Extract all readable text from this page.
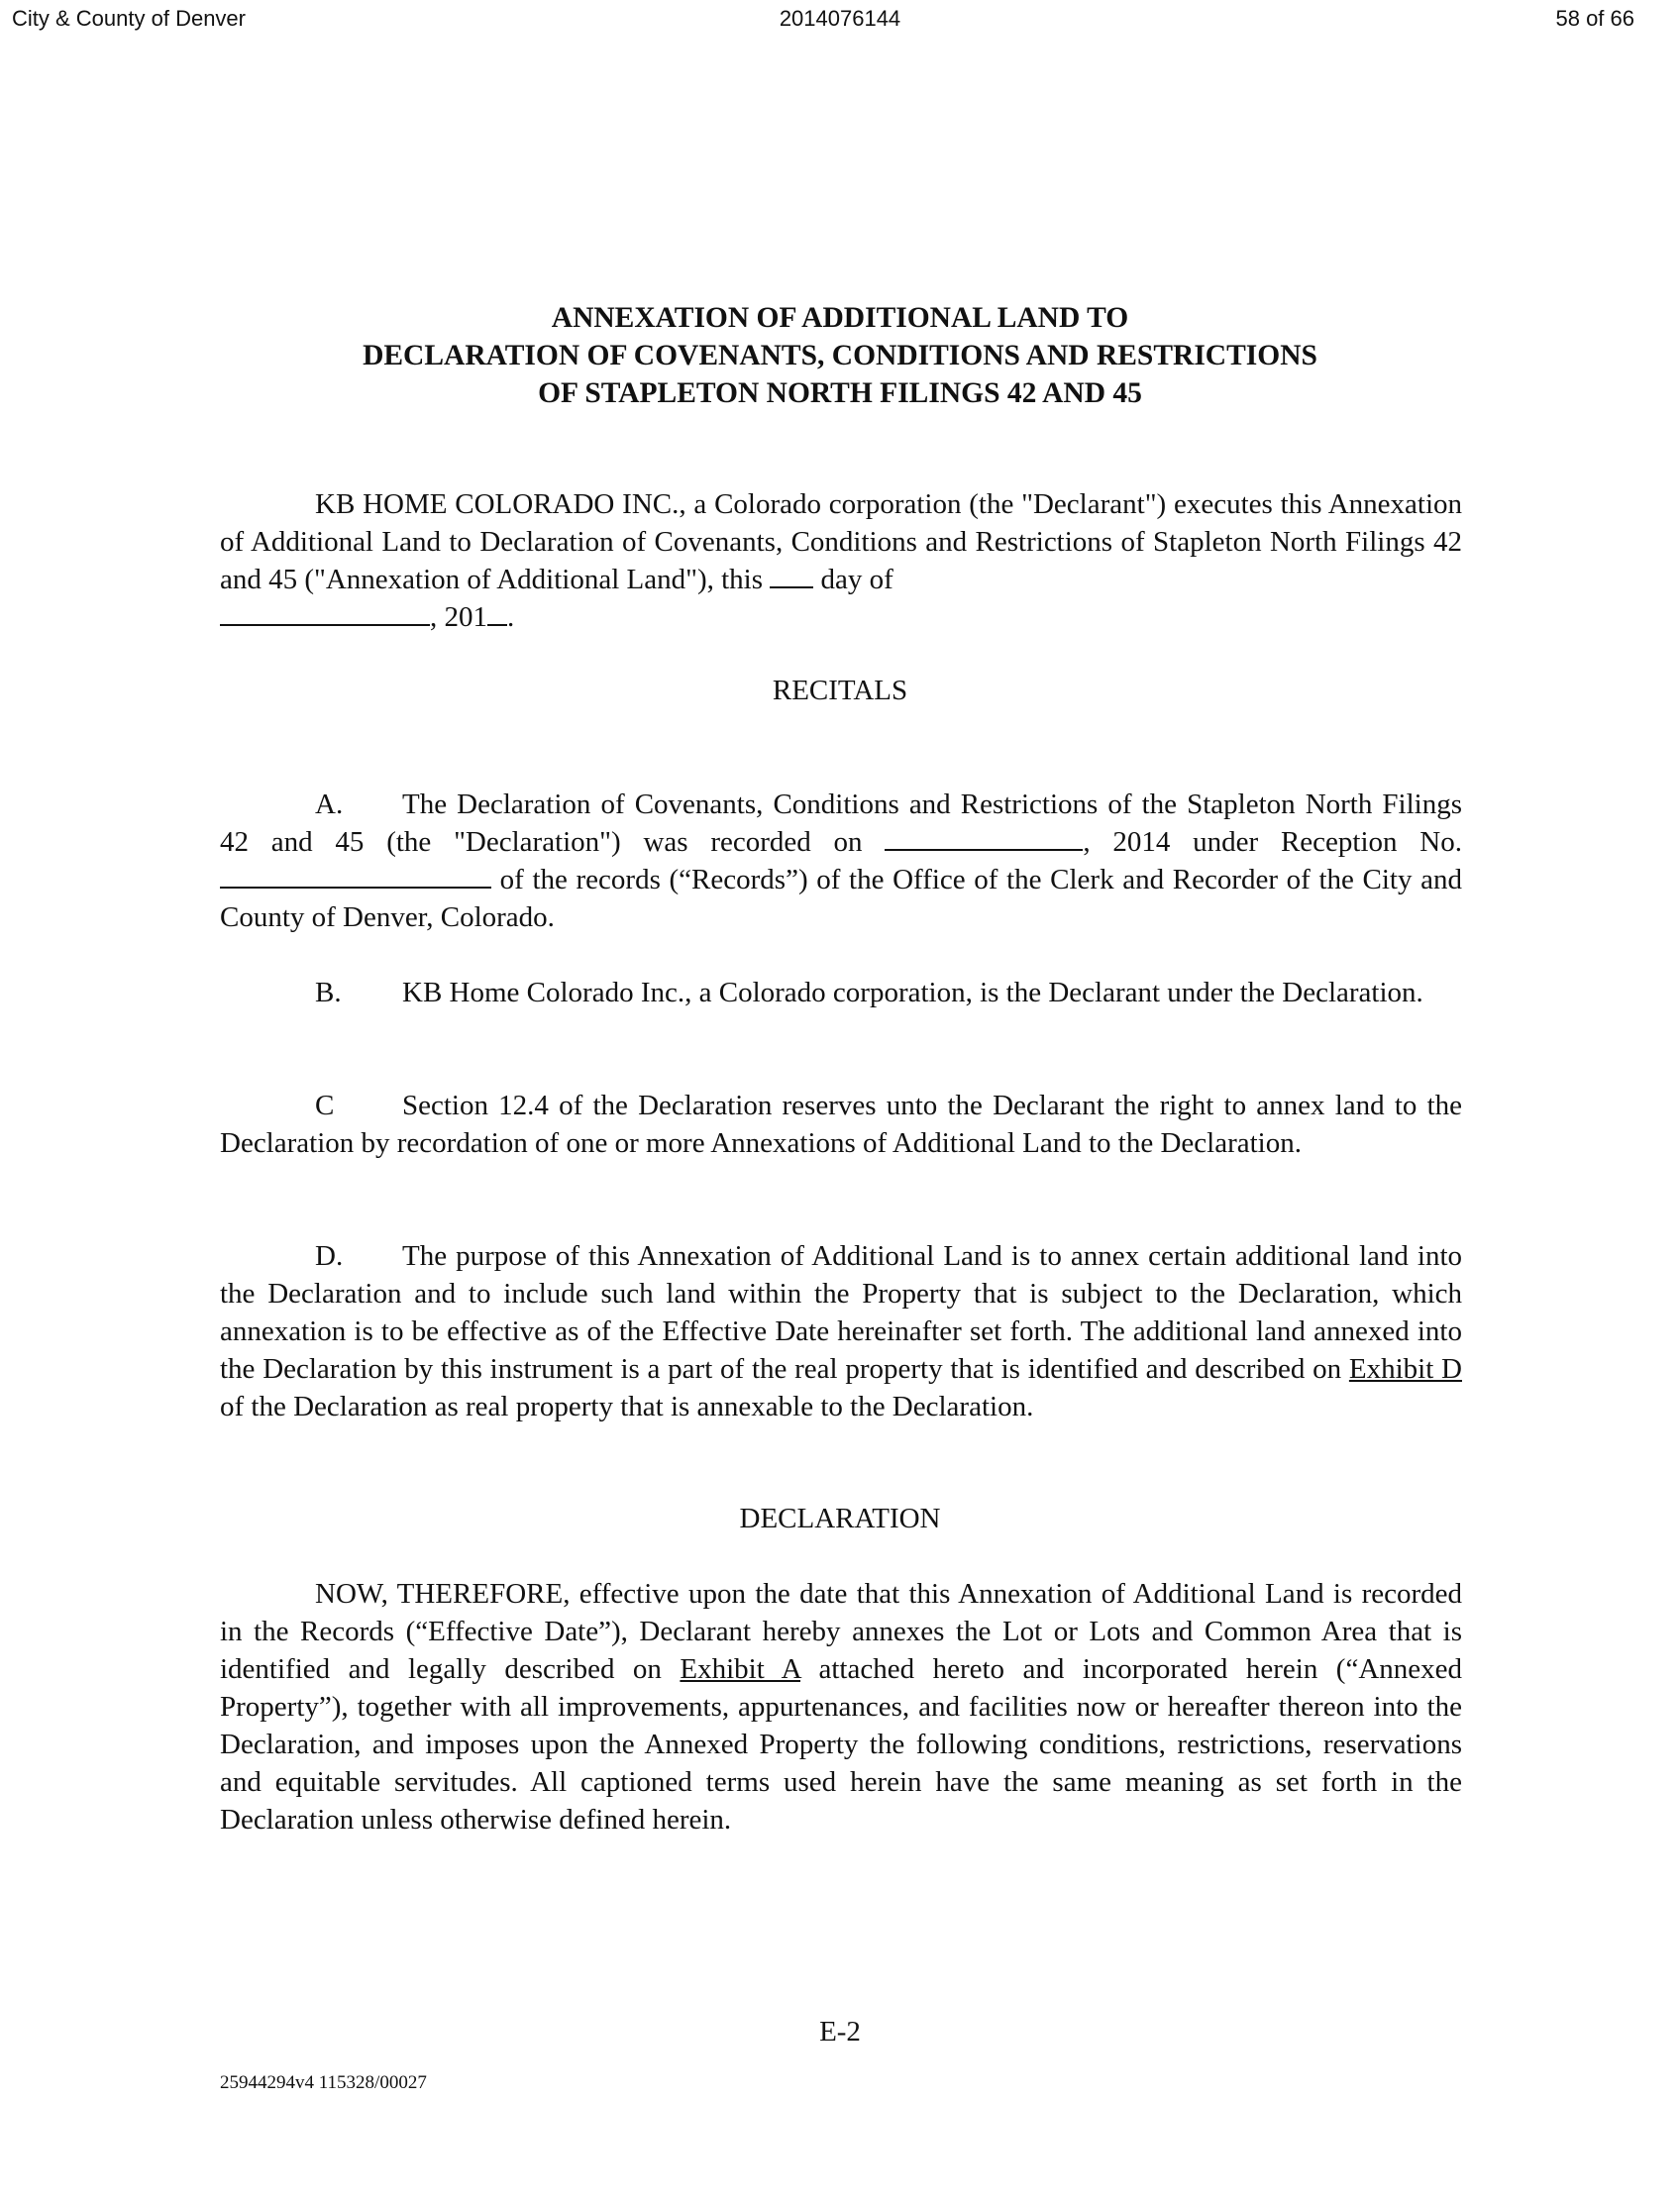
City & County of Denver	2014076144	58 of 66
ANNEXATION OF ADDITIONAL LAND TO
DECLARATION OF COVENANTS, CONDITIONS AND RESTRICTIONS
OF STAPLETON NORTH FILINGS 42 AND 45

KB HOME COLORADO INC., a Colorado corporation (the "Declarant") executes this Annexation of Additional Land to Declaration of Covenants, Conditions and Restrictions of Stapleton North Filings 42 and 45 ("Annexation of Additional Land"), this day of

, 201 .
RECITALS

A. The Declaration of Covenants, Conditions and Restrictions of the Stapleton North Filings 42 and 45 (the "Declaration") was recorded on	, 2014 under Reception No.  of the records (“Records”) of the Office of the Clerk and Recorder of the City and County of Denver, Colorado.

B. KB Home Colorado Inc., a Colorado corporation, is the Declarant under the Declaration.

C Section 12.4 of the Declaration reserves unto the Declarant the right to annex land to the Declaration by recordation of one or more Annexations of Additional Land to the Declaration.

D. The purpose of this Annexation of Additional Land is to annex certain additional land into the Declaration and to include such land within the Property that is subject to the Declaration, which annexation is to be effective as of the Effective Date hereinafter set forth. The additional land annexed into the Declaration by this instrument is a part of the real property that is identified and described on Exhibit D of the Declaration as real property that is annexable to the Declaration.

DECLARATION

NOW, THEREFORE, effective upon the date that this Annexation of Additional Land is recorded in the Records (“Effective Date”), Declarant hereby annexes the Lot or Lots and Common Area that is identified and legally described on Exhibit A attached hereto and incorporated herein (“Annexed Property”), together with all improvements, appurtenances, and facilities now or hereafter thereon into the Declaration, and imposes upon the Annexed Property the following conditions, restrictions, reservations and equitable servitudes. All captioned terms used herein have the same meaning as set forth in the Declaration unless otherwise defined herein.

E-2
25944294v4 115328/00027
